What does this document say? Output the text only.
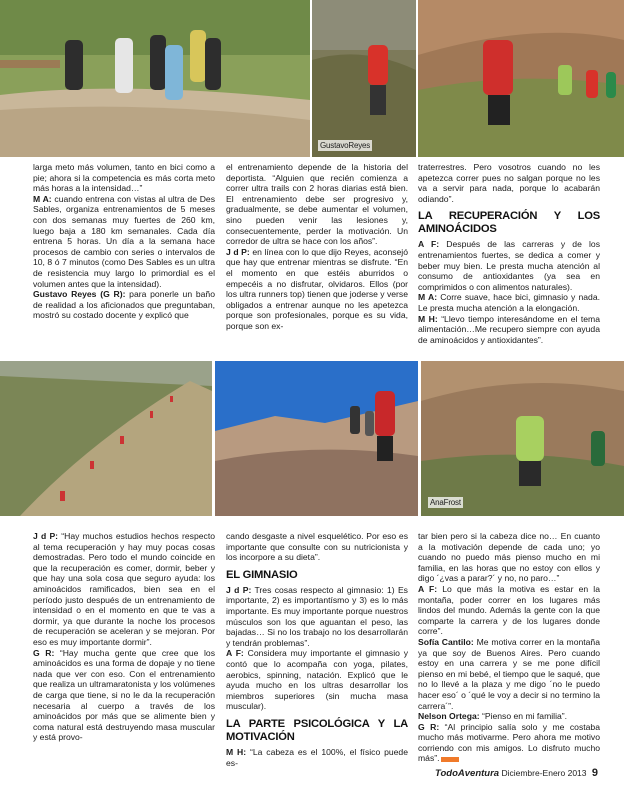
GustavoReyes

larga meto más volumen, tanto en bici como a pie; ahora si la competencia es más corta meto más horas a la intensidad…”

M A: cuando entrena con vistas al ultra de Des Sables, organiza entrenamientos de 5 meses con dos semanas muy fuertes de 260 km, luego baja a 180 km semanales. Cada día entrena 5 horas. Un día a la semana hace procesos de cambio con series o intervalos de 10, 8 ó 7 minutos (como Des Sables es un ultra de resistencia muy largo lo primordial es el volumen antes que la intensidad).

Gustavo Reyes (G R): para ponerle un baño de realidad a los aficionados que preguntaban, mostró su costado docente y explicó que

el entrenamiento depende de la historia del deportista. “Alguien que recién comienza a correr ultra trails con 2 horas diarias está bien. El entrenamiento debe ser progresivo y, gradualmente, se debe aumentar el volumen, sino pueden venir las lesiones y, consecuentemente, perder la motivación. Un corredor de ultra se hace con los años”.

J d P: en línea con lo que dijo Reyes, aconsejó que hay que entrenar mientras se disfrute. “En el momento en que estéis aburridos o empecéis a no disfrutar, olvidaros. Ellos (por los ultra runners top) tienen que joderse y verse obligados a entrenar aunque no les apetezca porque son profesionales, porque es su vida, porque son ex-

traterrestres. Pero vosotros cuando no les apetezca correr pues no salgan porque no les va a servir para nada, porque lo acabarán odiando”.

LA RECUPERACIÓN Y LOS AMINOÁCIDOS

A F: Después de las carreras y de los entrenamientos fuertes, se dedica a comer y beber muy bien. Le presta mucha atención al consumo de antioxidantes (ya sea en comprimidos o con alimentos naturales).

M A: Corre suave, hace bici, gimnasio y nada. Le presta mucha atención a la elongación.

M H: “Llevo tiempo interesándome en el tema alimentación…Me recupero siempre con ayuda de aminoácidos y antioxidantes”.

AnaFrost

J d P: “Hay muchos estudios hechos respecto al tema recuperación y hay muy pocas cosas demostradas. Pero todo el mundo coincide en que la recuperación es comer, dormir, beber y que hay una sola cosa que seguro ayuda: los aminoácidos ramificados, bien sea en el período justo después de un entrenamiento de intensidad o en el momento en que te vas a dormir, ya que durante la noche los procesos de recuperación se aceleran y se mejoran. Por eso es muy importante dormir”.

G R: “Hay mucha gente que cree que los aminoácidos es una forma de dopaje y no tiene nada que ver con eso. Con el entrenamiento que realiza un ultramaratonista y los volúmenes de carga que tiene, si no le da la recuperación necesaria al cuerpo a través de los aminoácidos por más que se alimente bien y coma natural está destruyendo masa muscular y está provo-

cando desgaste a nivel esquelético. Por eso es importante que consulte con su nutricionista y los incorpore a su dieta”.

EL GIMNASIO

J d P: Tres cosas respecto al gimnasio: 1) Es importante, 2) es importantísmo y 3) es lo más importante. Es muy importante porque nuestros músculos son los que aguantan el peso, las bajadas… Si no los trabajo no los desarrollarán y tendrán problemas”.

A F: Considera muy importante el gimnasio y contó que lo acompaña con yoga, pilates, aerobics, spinning, natación. Explicó que le ayuda mucho en los ultras desarrollar los miembros superiores (sin mucha masa muscular).

LA PARTE PSICOLÓGICA Y LA MOTIVACIÓN

M H: “La cabeza es el 100%, el físico puede es-

tar bien pero si la cabeza dice no… En cuanto a la motivación depende de cada uno; yo cuando no puedo más pienso mucho en mi familia, en las horas que no estoy con ellos y digo ´¿vas a parar?´ y no, no paro…”

A F: Lo que más la motiva es estar en la montaña, poder correr en los lugares más lindos del mundo. Además la gente con la que comparte la carrera y de los lugares donde corre”.

Sofía Cantilo: Me motiva correr en la montaña ya que soy de Buenos Aires. Pero cuando estoy en una carrera y se me pone difícil pienso en mi bebé, el tiempo que le saqué, que no lo llevé a la plaza y me digo ´no le puedo hacer eso´ o ´qué le voy a decir si no termino la carrera´”.

Nelson Ortega: “Pienso en mi familia”.

G R: “Al principio salía solo y me costaba mucho más motivarme. Pero ahora me motivo corriendo con mis amigos. Lo disfruto mucho más”.

TodoAventura Diciembre-Enero 2013 9
